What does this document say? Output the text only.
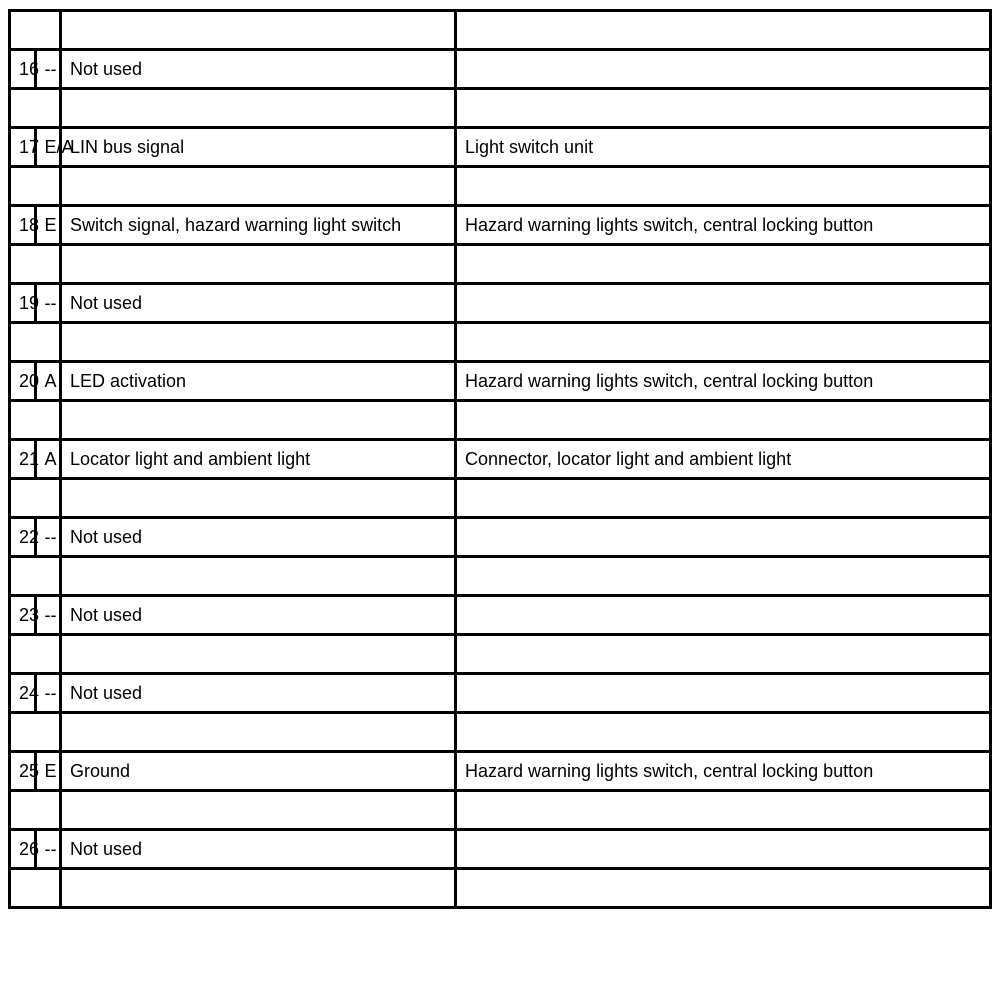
16	--	Not used	

17	E/A	LIN bus signal	Light switch unit

18	E	Switch signal, hazard warning light switch	Hazard warning lights switch, central locking button

19	--	Not used	

20	A	LED activation	Hazard warning lights switch, central locking button

21	A	Locator light and ambient light	Connector, locator light and ambient light

22	--	Not used	

23	--	Not used	

24	--	Not used	

25	E	Ground	Hazard warning lights switch, central locking button

26	--	Not used	
